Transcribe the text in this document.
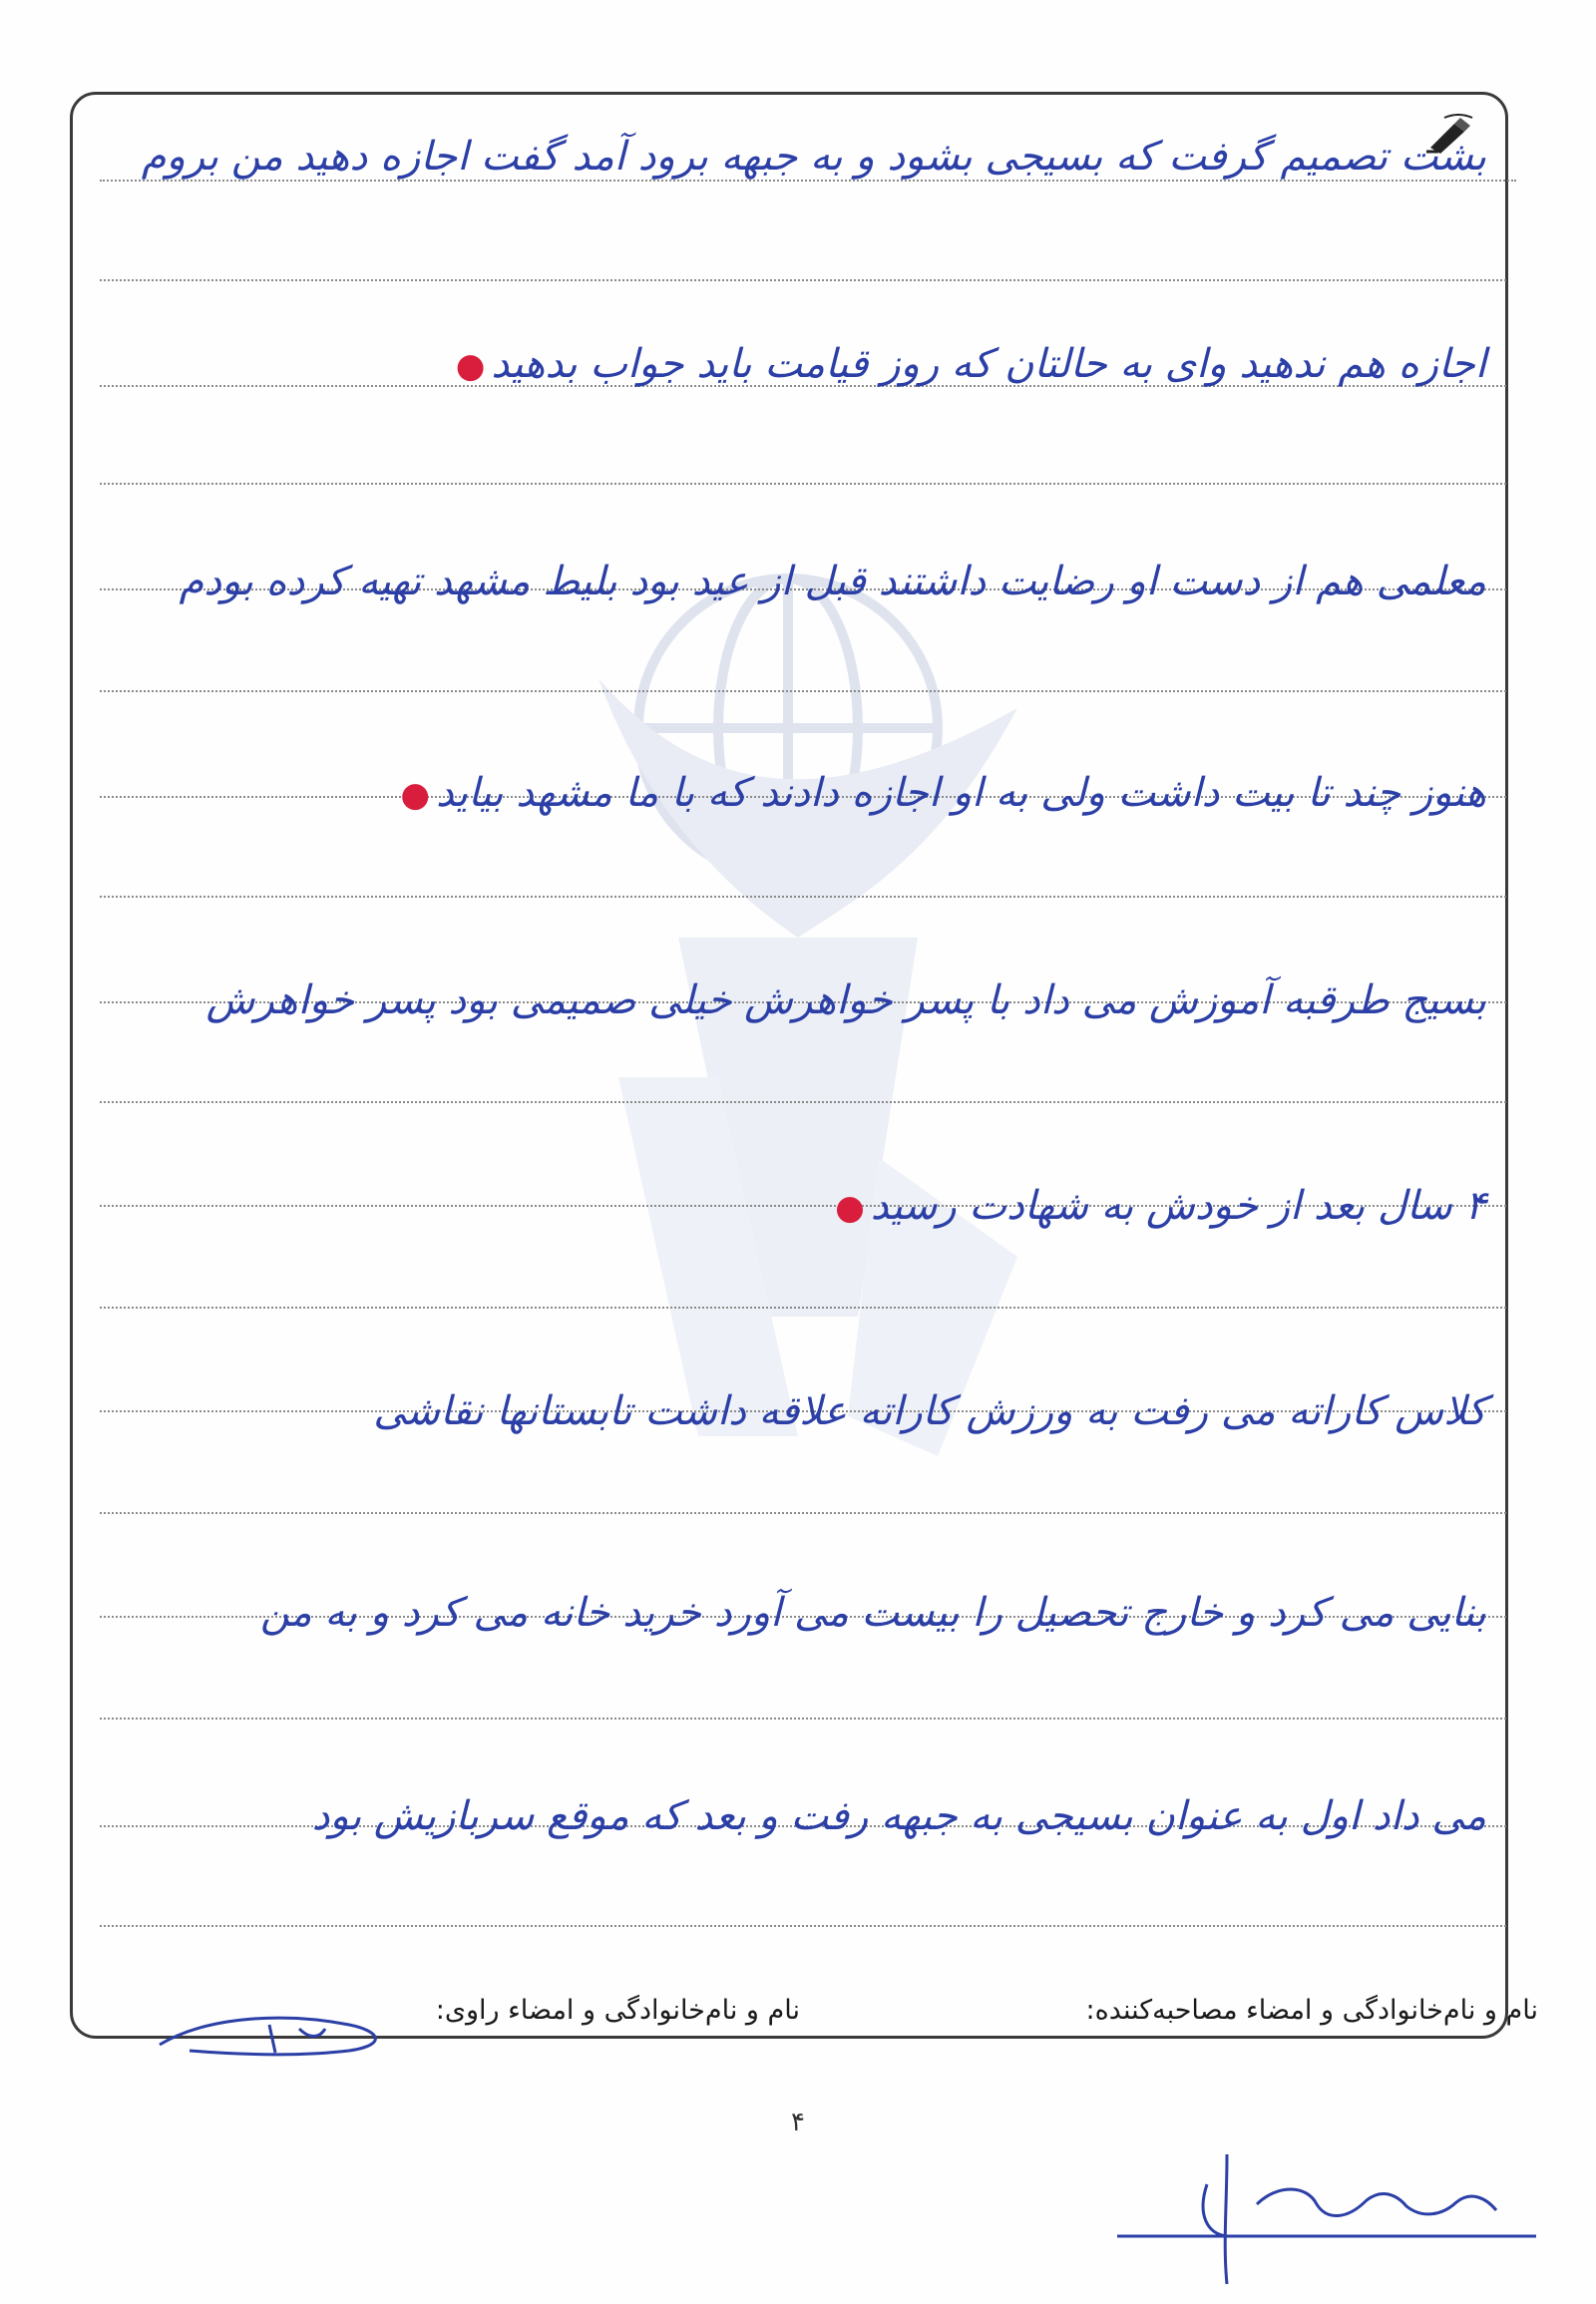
بشت تصمیم گرفت که بسیجی بشود و به جبهه برود آمد گفت اجازه دهید من بروم
اجازه هم ندهید وای به حالتان که روز قیامت باید جواب بدهید●
معلمی هم از دست او رضایت داشتند قبل از عید بود بلیط مشهد تهیه کرده بودم
هنوز چند تا بیت داشت ولی به او اجازه دادند که با ما مشهد بیاید●
بسیج طرقبه آموزش می داد با پسر خواهرش خیلی صمیمی بود پسر خواهرش
۴ سال بعد از خودش به شهادت رسید●
کلاس کاراته می رفت به ورزش کاراته علاقه داشت تابستانها نقاشی
بنایی می کرد و خارج تحصیل را بیست می آورد خرید خانه می کرد و به من
می داد اول به عنوان بسیجی به جبهه رفت و بعد که موقع سربازیش بود
نام و نام‌خانوادگی و امضاء مصاحبه‌کننده:
نام و نام‌خانوادگی و امضاء راوی:
۴
